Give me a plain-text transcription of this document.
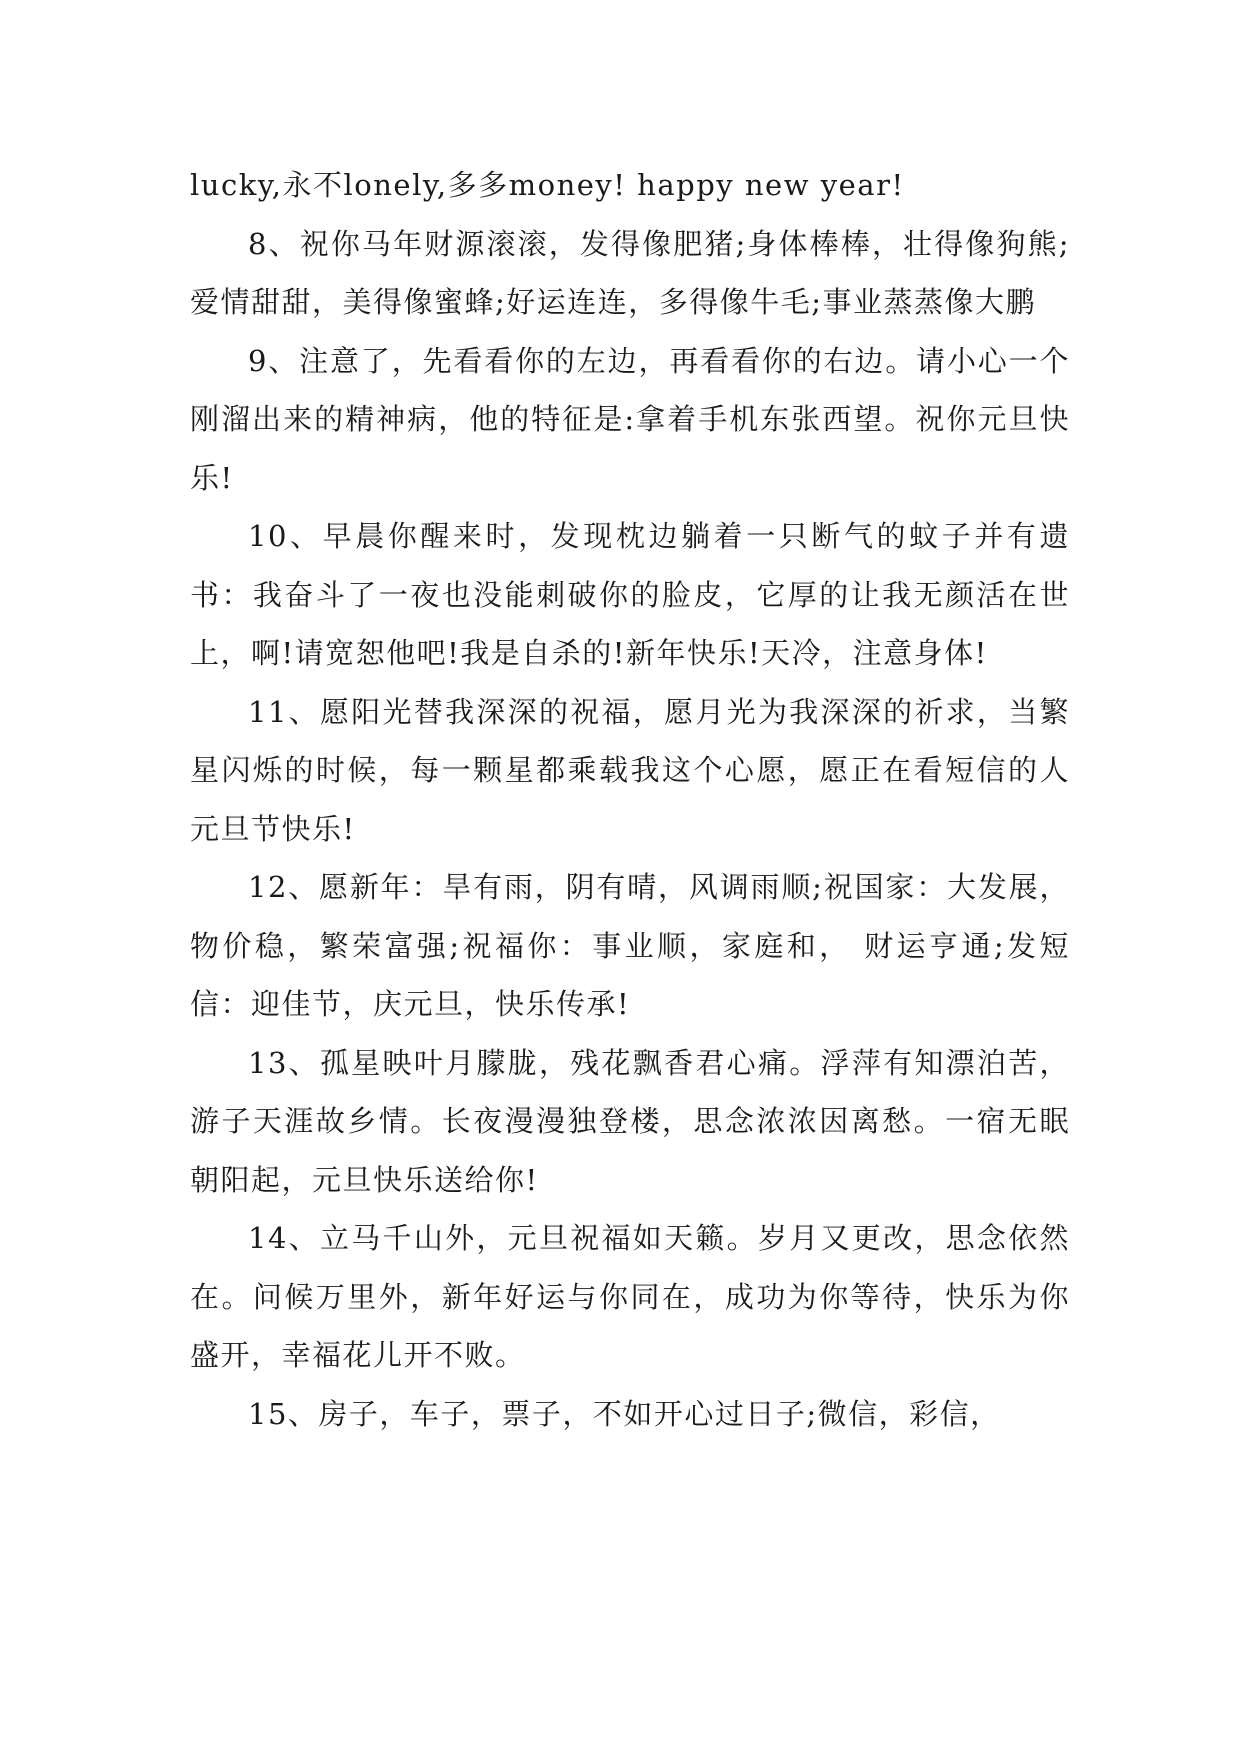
lucky,永不lonely,多多money! happy new year!

8、祝你马年财源滚滚，发得像肥猪;身体棒棒，壮得像狗熊;爱情甜甜，美得像蜜蜂;好运连连，多得像牛毛;事业蒸蒸像大鹏

9、注意了，先看看你的左边，再看看你的右边。请小心一个刚溜出来的精神病，他的特征是:拿着手机东张西望。祝你元旦快乐!

10、早晨你醒来时，发现枕边躺着一只断气的蚊子并有遗书：我奋斗了一夜也没能刺破你的脸皮，它厚的让我无颜活在世上，啊!请宽恕他吧!我是自杀的!新年快乐!天冷，注意身体!

11、愿阳光替我深深的祝福，愿月光为我深深的祈求，当繁星闪烁的时候，每一颗星都乘载我这个心愿，愿正在看短信的人元旦节快乐!

12、愿新年：旱有雨，阴有晴，风调雨顺;祝国家：大发展，物价稳，繁荣富强;祝福你：事业顺，家庭和， 财运亨通;发短信：迎佳节，庆元旦，快乐传承!

13、孤星映叶月朦胧，残花飘香君心痛。浮萍有知漂泊苦，游子天涯故乡情。长夜漫漫独登楼，思念浓浓因离愁。一宿无眠朝阳起，元旦快乐送给你!

14、立马千山外，元旦祝福如天籁。岁月又更改，思念依然在。问候万里外，新年好运与你同在，成功为你等待，快乐为你盛开，幸福花儿开不败。

15、房子，车子，票子，不如开心过日子;微信，彩信，
